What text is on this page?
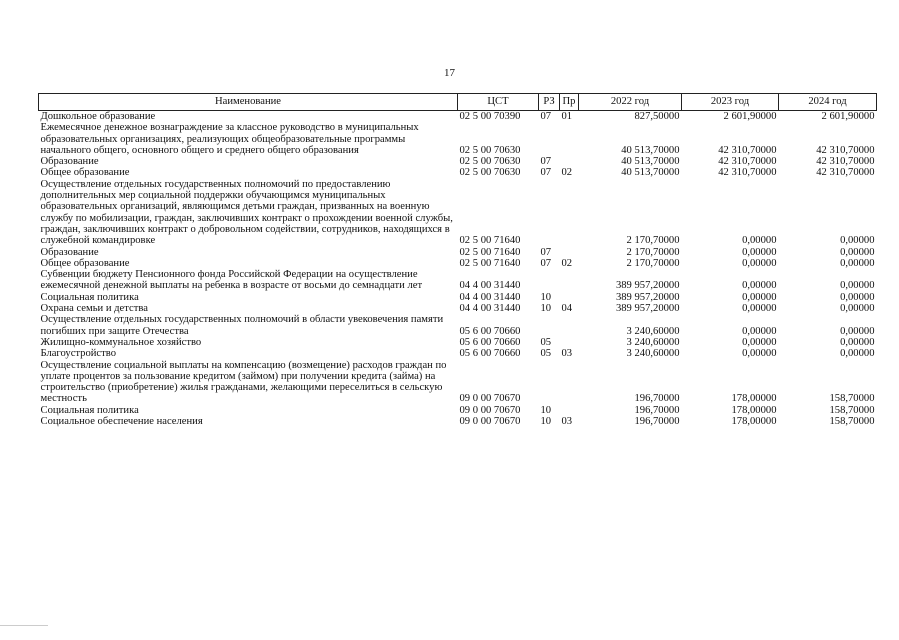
17
Наименование	ЦСТ	РЗ	Пр	2022 год	2023 год	2024 год
Дошкольное образование	02 5 00 70390	07	01	827,50000	2 601,90000	2 601,90000
Ежемесячное денежное вознаграждение за классное руководство в муниципальных образовательных организациях, реализующих общеобразовательные программы начального общего, основного общего и среднего общего образования	02 5 00 70630			40 513,70000	42 310,70000	42 310,70000
Образование	02 5 00 70630	07		40 513,70000	42 310,70000	42 310,70000
Общее образование	02 5 00 70630	07	02	40 513,70000	42 310,70000	42 310,70000
Осуществление отдельных государственных полномочий по предоставлению дополнительных мер социальной поддержки обучающимся муниципальных образовательных организаций, являющимся детьми граждан, призванных на военную службу по мобилизации, граждан, заключивших контракт о прохождении военной службы, граждан, заключивших контракт о добровольном содействии, сотрудников, находящихся в служебной командировке	02 5 00 71640			2 170,70000	0,00000	0,00000
Образование	02 5 00 71640	07		2 170,70000	0,00000	0,00000
Общее образование	02 5 00 71640	07	02	2 170,70000	0,00000	0,00000
Субвенции бюджету Пенсионного фонда Российской Федерации на осуществление ежемесячной денежной выплаты на ребенка в возрасте от восьми до семнадцати лет	04 4 00 31440			389 957,20000	0,00000	0,00000
Социальная политика	04 4 00 31440	10		389 957,20000	0,00000	0,00000
Охрана семьи и детства	04 4 00 31440	10	04	389 957,20000	0,00000	0,00000
Осуществление отдельных государственных полномочий в области увековечения памяти погибших при защите Отечества	05 6 00 70660			3 240,60000	0,00000	0,00000
Жилищно-коммунальное хозяйство	05 6 00 70660	05		3 240,60000	0,00000	0,00000
Благоустройство	05 6 00 70660	05	03	3 240,60000	0,00000	0,00000
Осуществление социальной выплаты на компенсацию (возмещение) расходов граждан по уплате процентов за пользование кредитом (займом) при получении кредита (займа) на строительство (приобретение) жилья гражданами, желающими переселиться в сельскую местность	09 0 00 70670			196,70000	178,00000	158,70000
Социальная политика	09 0 00 70670	10		196,70000	178,00000	158,70000
Социальное обеспечение населения	09 0 00 70670	10	03	196,70000	178,00000	158,70000
